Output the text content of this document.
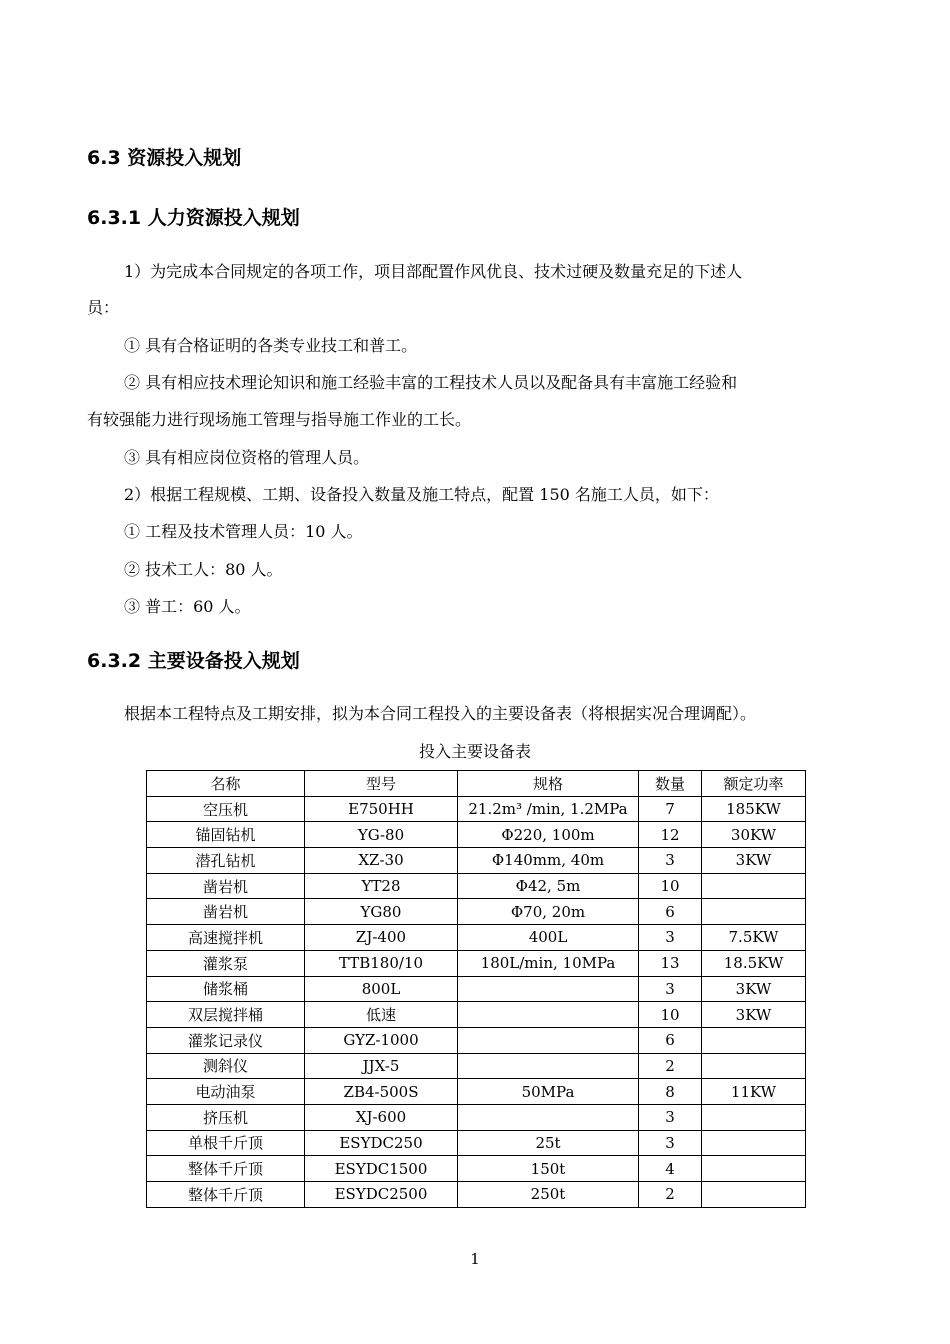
6.3 资源投入规划
6.3.1 人力资源投入规划
1）为完成本合同规定的各项工作，项目部配置作风优良、技术过硬及数量充足的下述人
员：
① 具有合格证明的各类专业技工和普工。
② 具有相应技术理论知识和施工经验丰富的工程技术人员以及配备具有丰富施工经验和
有较强能力进行现场施工管理与指导施工作业的工长。
③ 具有相应岗位资格的管理人员。
2）根据工程规模、工期、设备投入数量及施工特点，配置 150 名施工人员，如下：
① 工程及技术管理人员：10 人。
② 技术工人：80 人。
③ 普工：60 人。
6.3.2 主要设备投入规划
根据本工程特点及工期安排，拟为本合同工程投入的主要设备表（将根据实况合理调配）。
投入主要设备表
名称	型号	规格	数量	额定功率
空压机	E750HH	21.2m³ /min, 1.2MPa	7	185KW
锚固钻机	YG-80	Φ220, 100m	12	30KW
潜孔钻机	XZ-30	Φ140mm, 40m	3	3KW
凿岩机	YT28	Φ42, 5m	10	
凿岩机	YG80	Φ70, 20m	6	
高速搅拌机	ZJ-400	400L	3	7.5KW
灌浆泵	TTB180/10	180L/min, 10MPa	13	18.5KW
储浆桶	800L		3	3KW
双层搅拌桶	低速		10	3KW
灌浆记录仪	GYZ-1000		6	
测斜仪	JJX-5		2	
电动油泵	ZB4-500S	50MPa	8	11KW
挤压机	XJ-600		3	
单根千斤顶	ESYDC250	25t	3	
整体千斤顶	ESYDC1500	150t	4	
整体千斤顶	ESYDC2500	250t	2	
1
